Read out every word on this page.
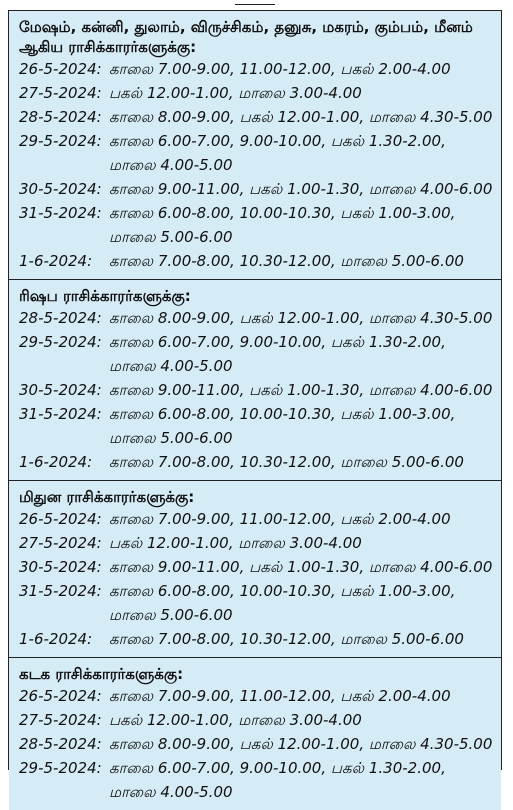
மேஷம், கன்னி, துலாம், விருச்சிகம், தனுசு, மகரம், கும்பம், மீனம்
ஆகிய ராசிக்காரர்களுக்கு:
26-5-2024: காலை 7.00-9.00, 11.00-12.00, பகல் 2.00-4.00
27-5-2024: பகல் 12.00-1.00, மாலை 3.00-4.00
28-5-2024: காலை 8.00-9.00, பகல் 12.00-1.00, மாலை 4.30-5.00
29-5-2024: காலை 6.00-7.00, 9.00-10.00, பகல் 1.30-2.00,
மாலை 4.00-5.00
30-5-2024: காலை 9.00-11.00, பகல் 1.00-1.30, மாலை 4.00-6.00
31-5-2024: காலை 6.00-8.00, 10.00-10.30, பகல் 1.00-3.00,
மாலை 5.00-6.00
1-6-2024:	காலை 7.00-8.00, 10.30-12.00, மாலை 5.00-6.00
ரிஷப ராசிக்காரர்களுக்கு:
28-5-2024: காலை 8.00-9.00, பகல் 12.00-1.00, மாலை 4.30-5.00
29-5-2024: காலை 6.00-7.00, 9.00-10.00, பகல் 1.30-2.00,
மாலை 4.00-5.00
30-5-2024: காலை 9.00-11.00, பகல் 1.00-1.30, மாலை 4.00-6.00
31-5-2024: காலை 6.00-8.00, 10.00-10.30, பகல் 1.00-3.00,
மாலை 5.00-6.00
1-6-2024:	காலை 7.00-8.00, 10.30-12.00, மாலை 5.00-6.00
மிதுன ராசிக்காரர்களுக்கு:
26-5-2024: காலை 7.00-9.00, 11.00-12.00, பகல் 2.00-4.00
27-5-2024: பகல் 12.00-1.00, மாலை 3.00-4.00
30-5-2024: காலை 9.00-11.00, பகல் 1.00-1.30, மாலை 4.00-6.00
31-5-2024: காலை 6.00-8.00, 10.00-10.30, பகல் 1.00-3.00,
மாலை 5.00-6.00
1-6-2024:	காலை 7.00-8.00, 10.30-12.00, மாலை 5.00-6.00
கடக ராசிக்காரர்களுக்கு:
26-5-2024: காலை 7.00-9.00, 11.00-12.00, பகல் 2.00-4.00
27-5-2024: பகல் 12.00-1.00, மாலை 3.00-4.00
28-5-2024: காலை 8.00-9.00, பகல் 12.00-1.00, மாலை 4.30-5.00
29-5-2024: காலை 6.00-7.00, 9.00-10.00, பகல் 1.30-2.00,
மாலை 4.00-5.00
